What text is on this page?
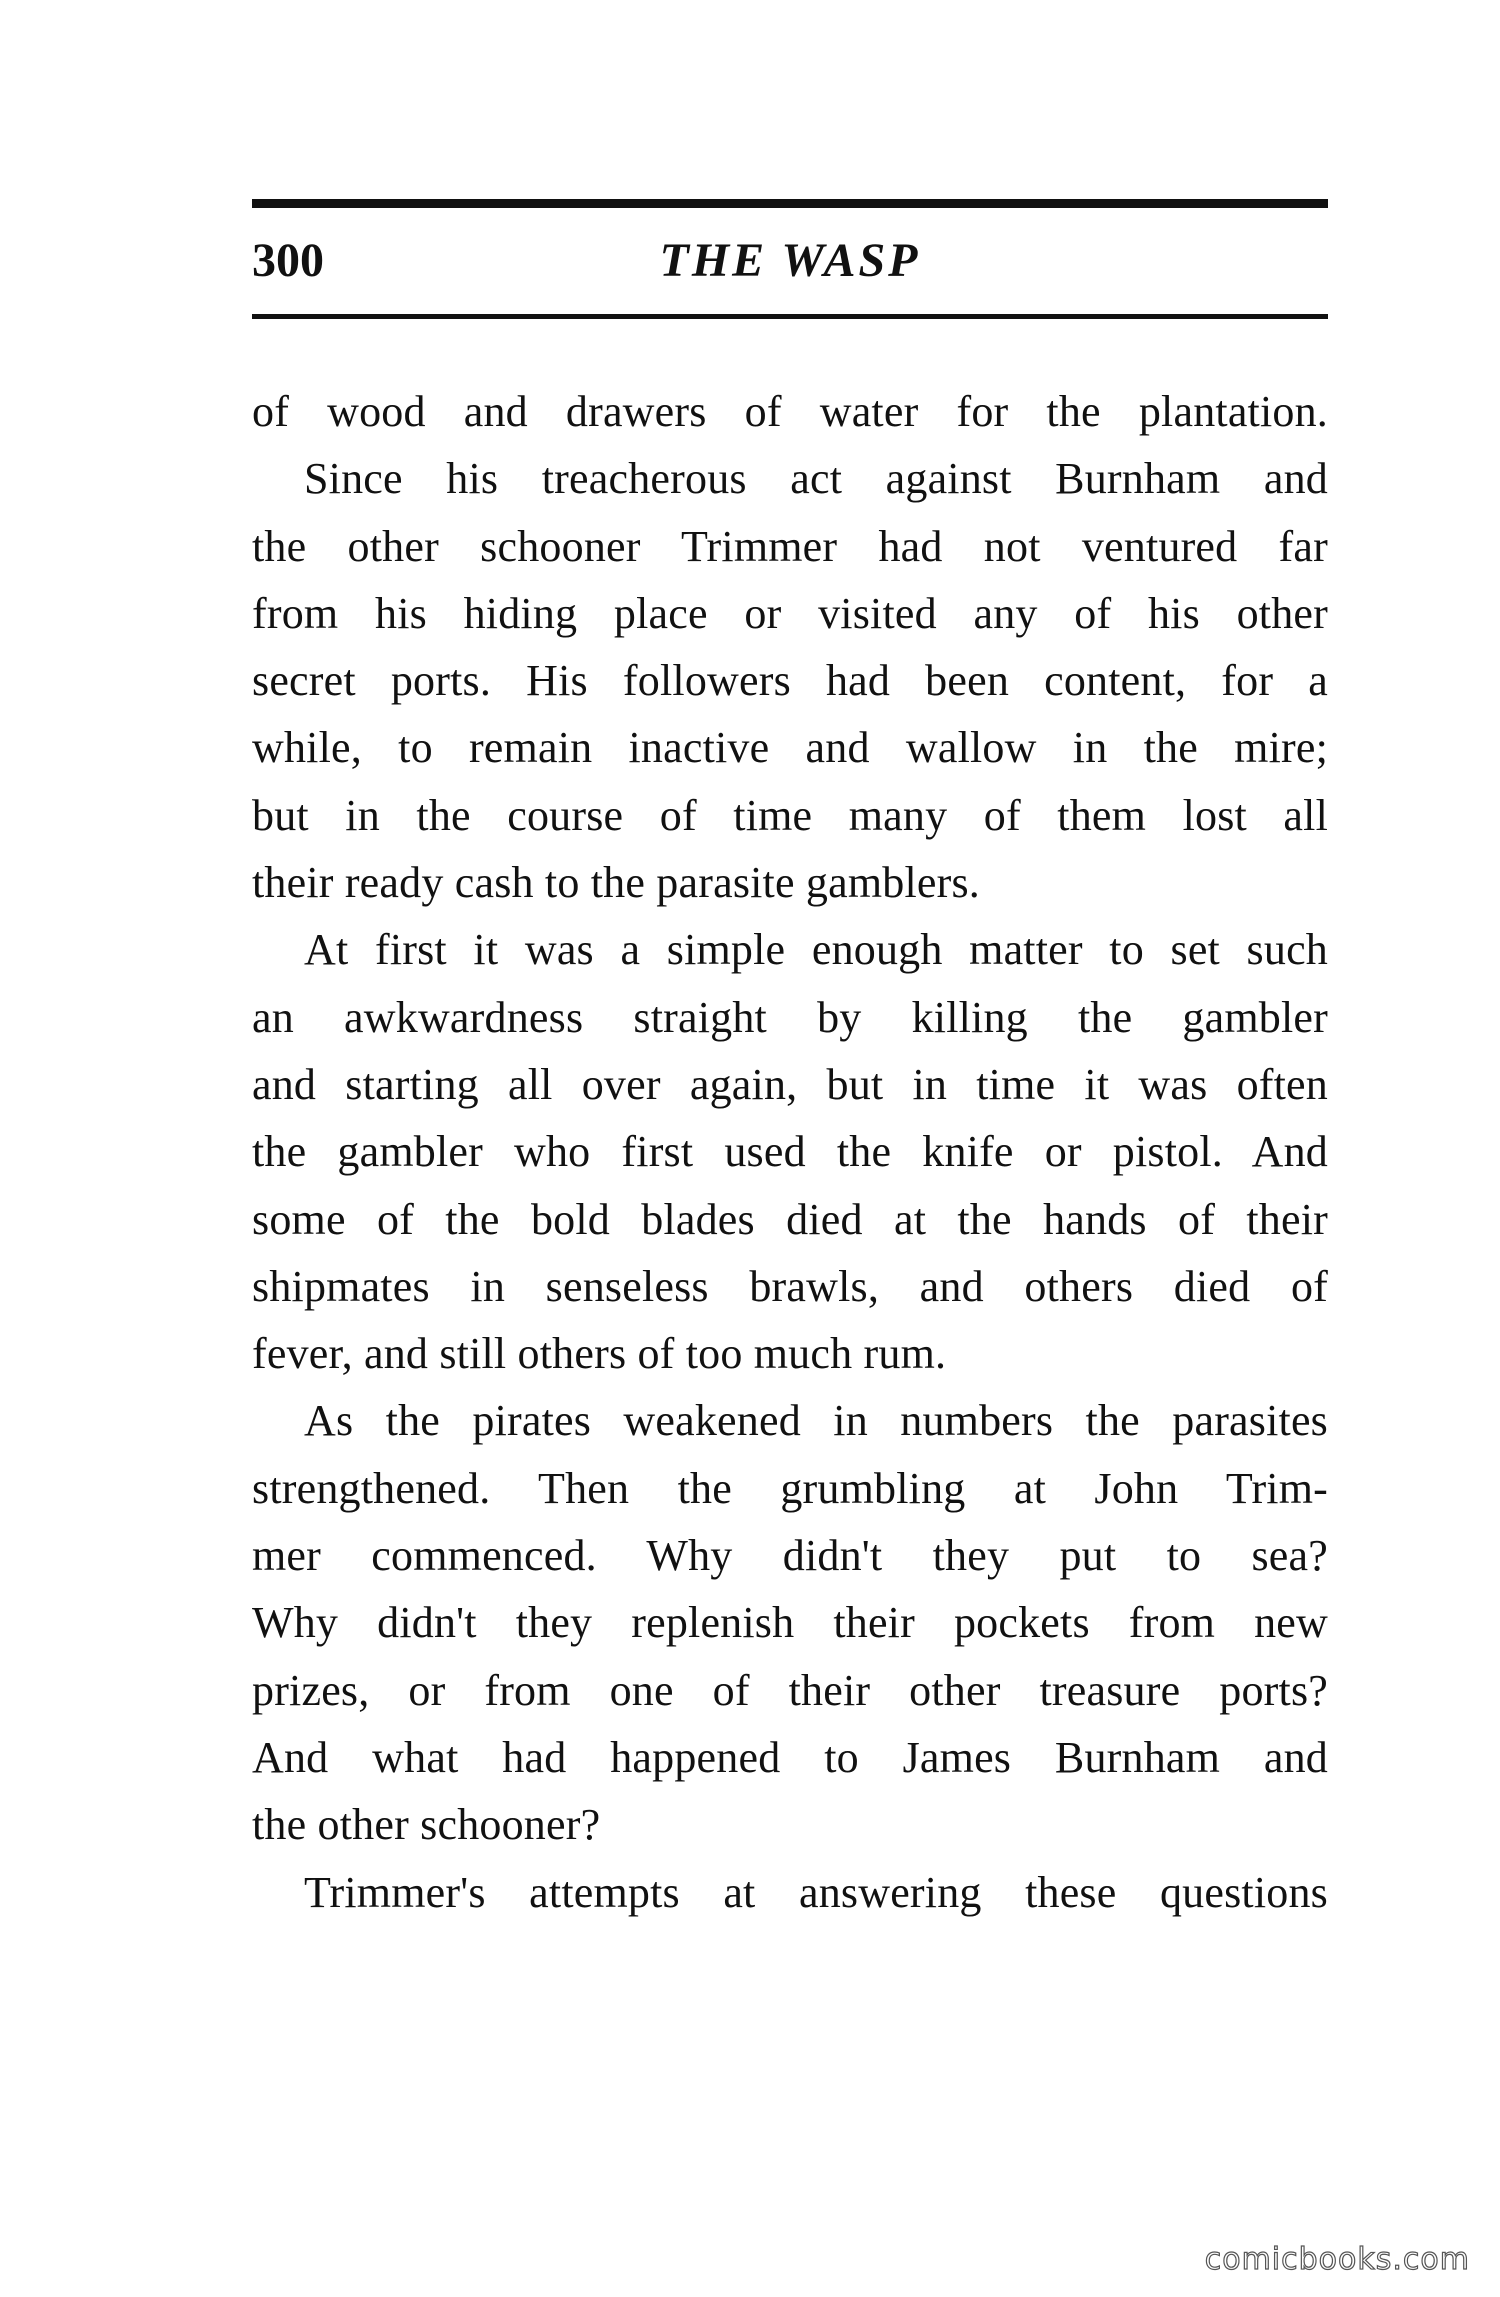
300	THE WASP
of wood and drawers of water for the plantation.
Since his treacherous act against Burnham and
the other schooner Trimmer had not ventured far
from his hiding place or visited any of his other
secret ports. His followers had been content, for a
while, to remain inactive and wallow in the mire;
but in the course of time many of them lost all
their ready cash to the parasite gamblers.
At first it was a simple enough matter to set such
an awkwardness straight by killing the gambler
and starting all over again, but in time it was often
the gambler who first used the knife or pistol. And
some of the bold blades died at the hands of their
shipmates in senseless brawls, and others died of
fever, and still others of too much rum.
As the pirates weakened in numbers the parasites
strengthened. Then the grumbling at John Trim-
mer commenced. Why didn't they put to sea?
Why didn't they replenish their pockets from new
prizes, or from one of their other treasure ports?
And what had happened to James Burnham and
the other schooner?
Trimmer's attempts at answering these questions
comicbooks.com
